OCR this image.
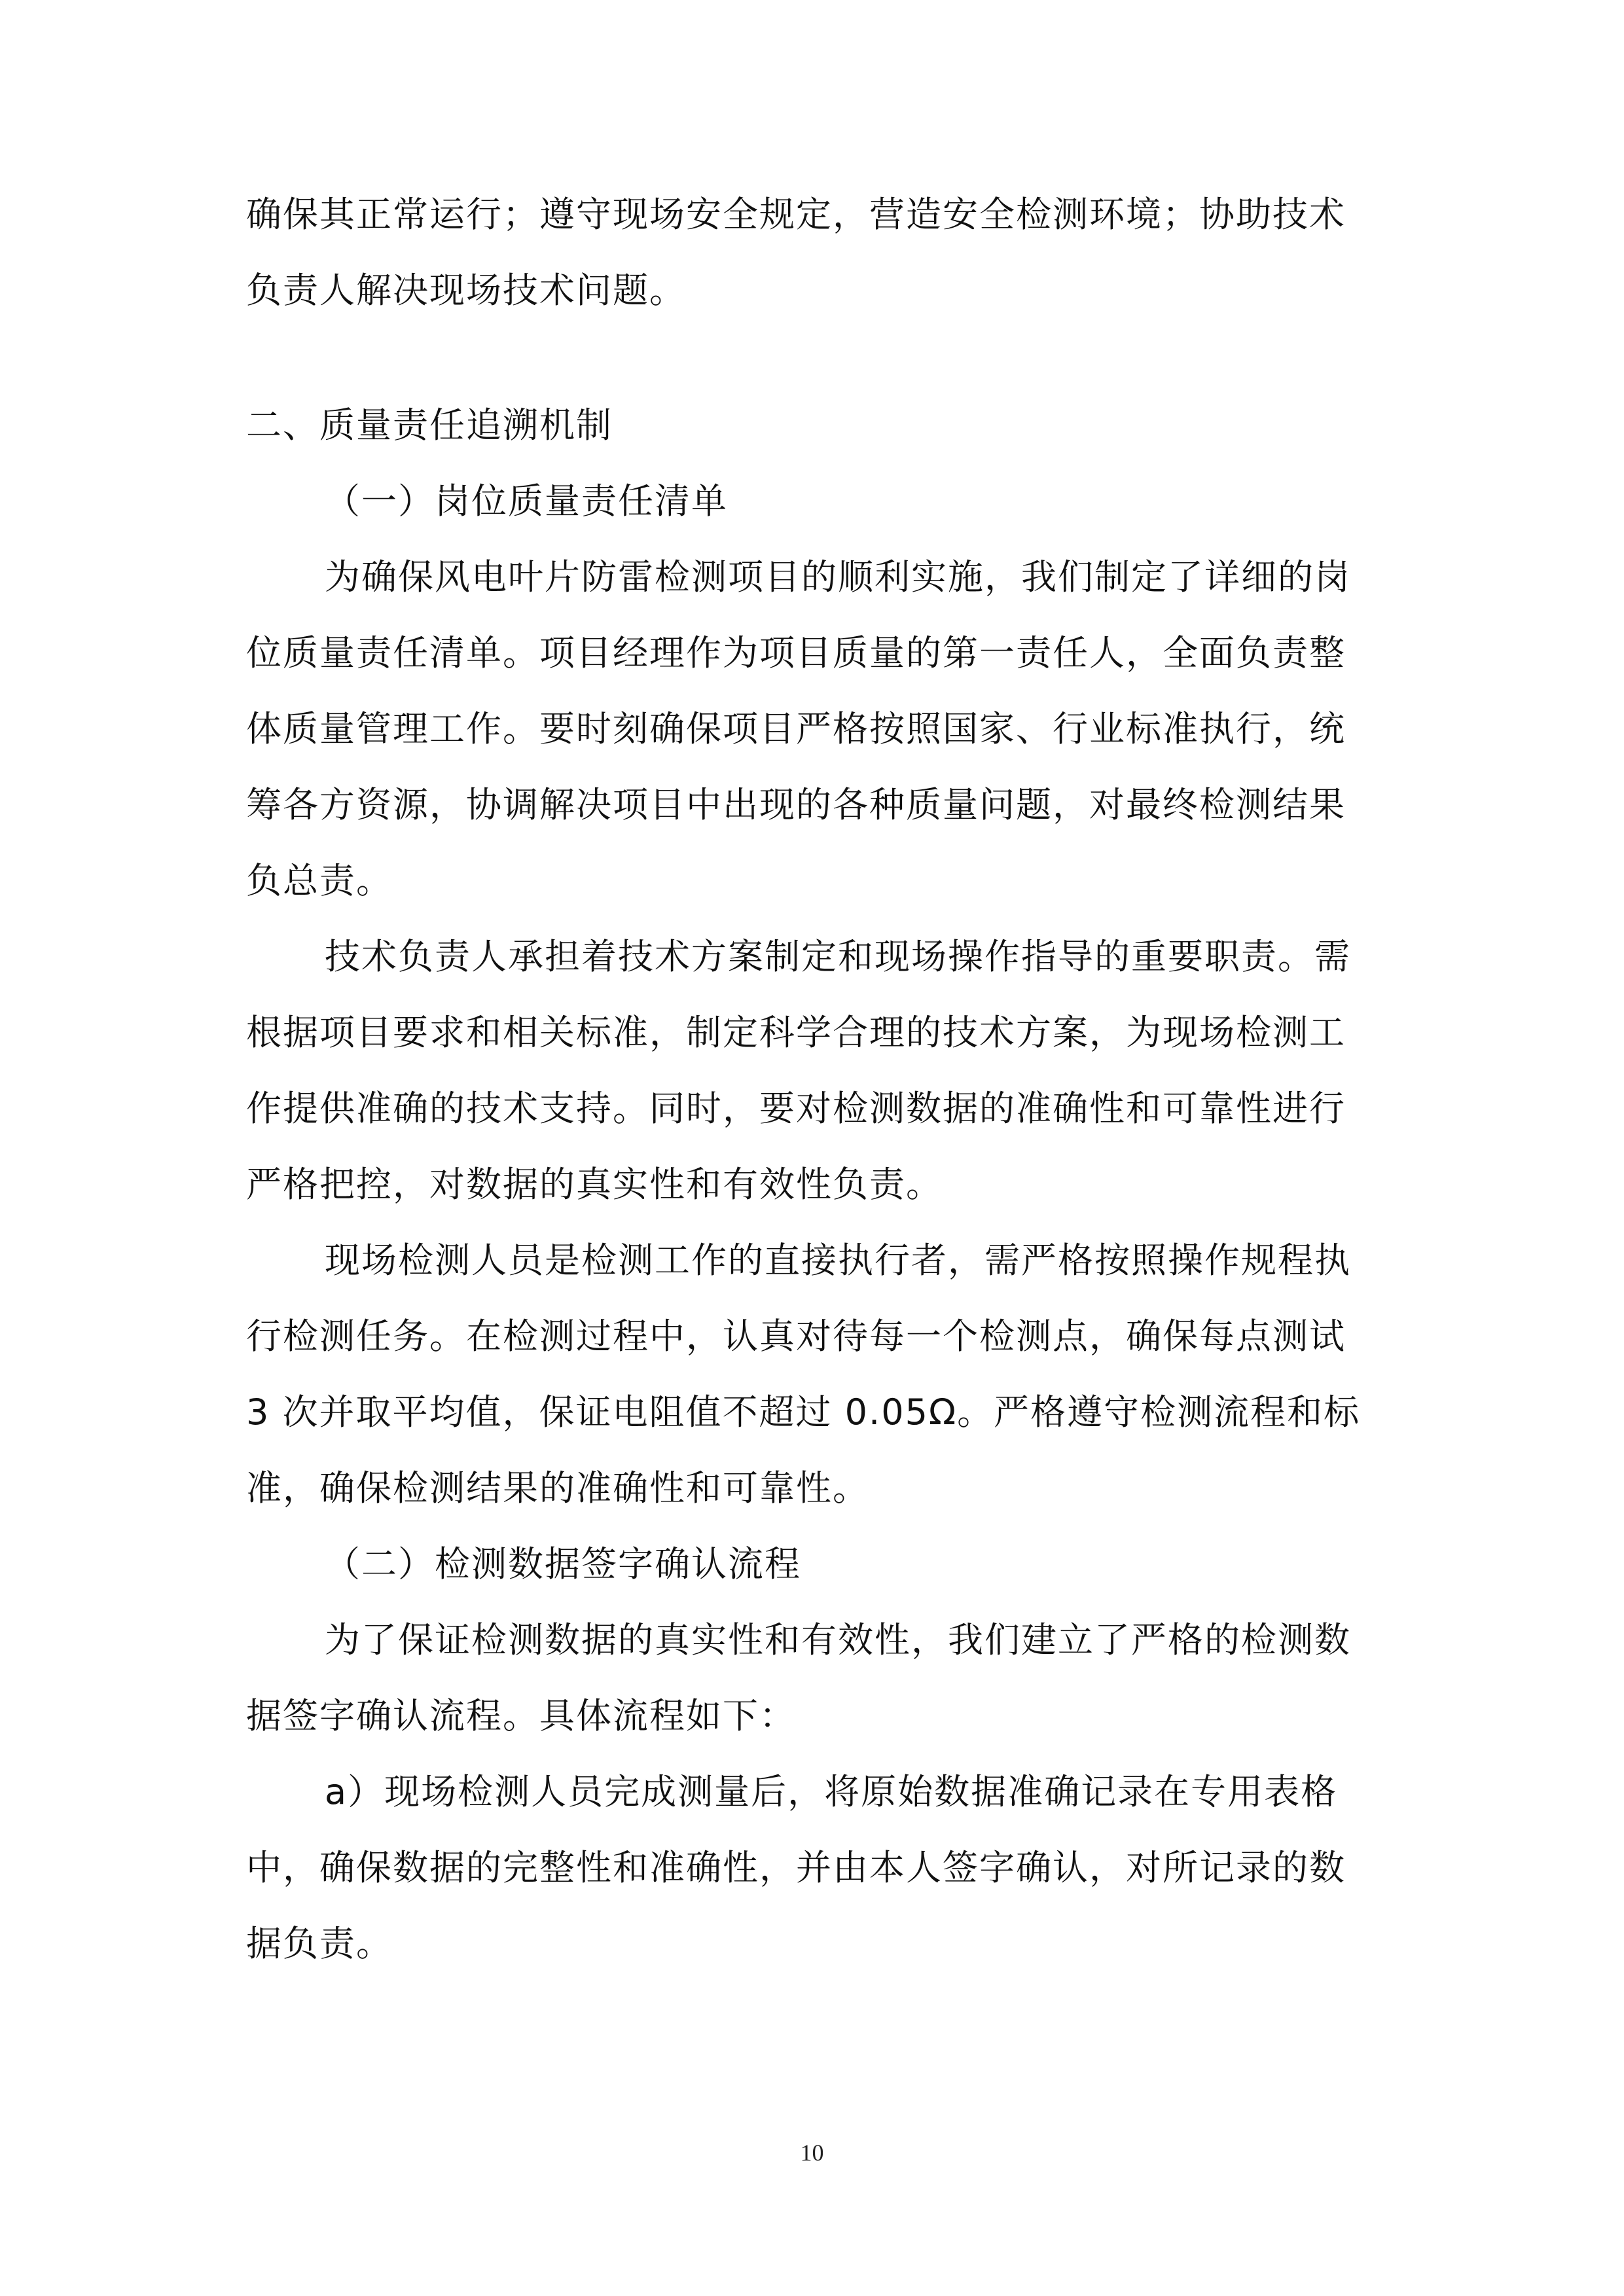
确保其正常运行；遵守现场安全规定，营造安全检测环境；协助技术
负责人解决现场技术问题。
二、质量责任追溯机制
（一）岗位质量责任清单
为确保风电叶片防雷检测项目的顺利实施，我们制定了详细的岗
位质量责任清单。项目经理作为项目质量的第一责任人，全面负责整
体质量管理工作。要时刻确保项目严格按照国家、行业标准执行，统
筹各方资源，协调解决项目中出现的各种质量问题，对最终检测结果
负总责。
技术负责人承担着技术方案制定和现场操作指导的重要职责。需
根据项目要求和相关标准，制定科学合理的技术方案，为现场检测工
作提供准确的技术支持。同时，要对检测数据的准确性和可靠性进行
严格把控，对数据的真实性和有效性负责。
现场检测人员是检测工作的直接执行者，需严格按照操作规程执
行检测任务。在检测过程中，认真对待每一个检测点，确保每点测试
3 次并取平均值，保证电阻值不超过 0.05Ω。严格遵守检测流程和标
准，确保检测结果的准确性和可靠性。
（二）检测数据签字确认流程
为了保证检测数据的真实性和有效性，我们建立了严格的检测数
据签字确认流程。具体流程如下：
a）现场检测人员完成测量后，将原始数据准确记录在专用表格
中，确保数据的完整性和准确性，并由本人签字确认，对所记录的数
据负责。
10
